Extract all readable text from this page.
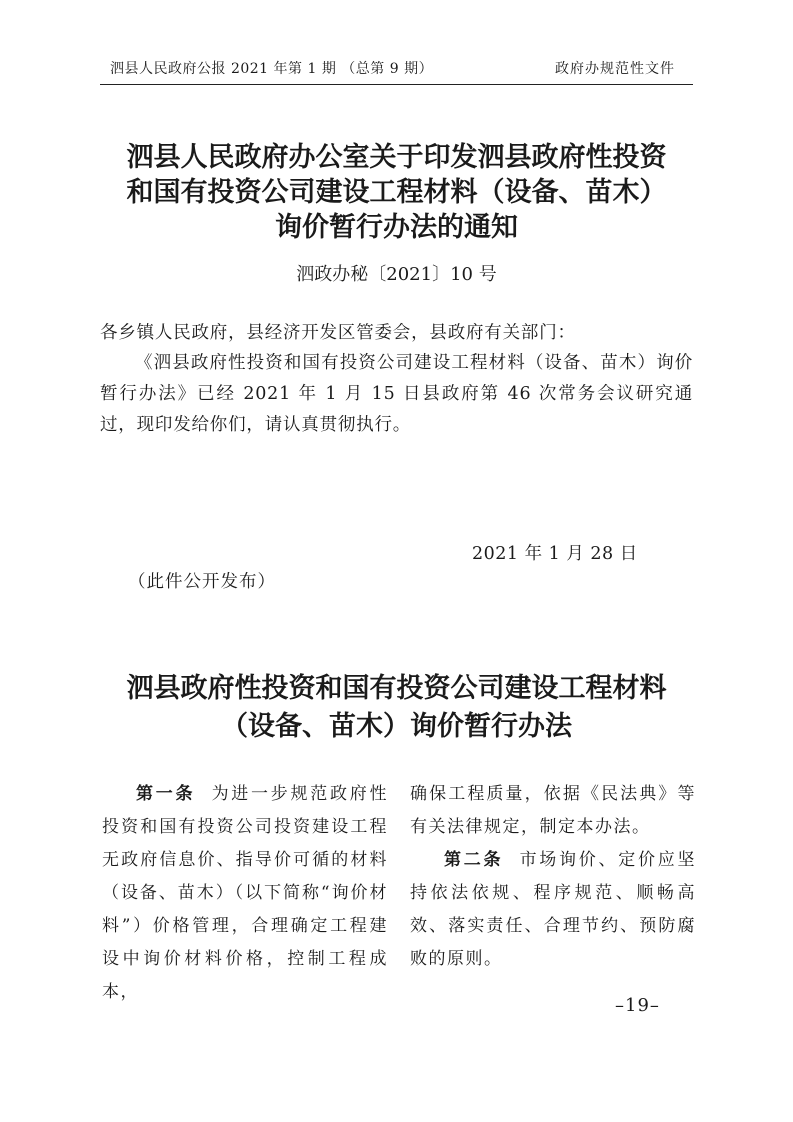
泗县人民政府公报 2021 年第 1 期 （总第 9 期）	政府办规范性文件
泗县人民政府办公室关于印发泗县政府性投资
和国有投资公司建设工程材料（设备、苗木）
询价暂行办法的通知
泗政办秘〔2021〕10 号
各乡镇人民政府，县经济开发区管委会，县政府有关部门：
《泗县政府性投资和国有投资公司建设工程材料（设备、苗木）询价暂行办法》已经 2021 年 1 月 15 日县政府第 46 次常务会议研究通过，现印发给你们，请认真贯彻执行。
2021 年 1 月 28 日
（此件公开发布）
泗县政府性投资和国有投资公司建设工程材料
（设备、苗木）询价暂行办法
第一条 为进一步规范政府性投资和国有投资公司投资建设工程无政府信息价、指导价可循的材料（设备、苗木）（以下简称“询价材料”）价格管理，合理确定工程建设中询价材料价格，控制工程成本，
确保工程质量，依据《民法典》等有关法律规定，制定本办法。
第二条 市场询价、定价应坚持依法依规、程序规范、顺畅高效、落实责任、合理节约、预防腐败的原则。
–19–
